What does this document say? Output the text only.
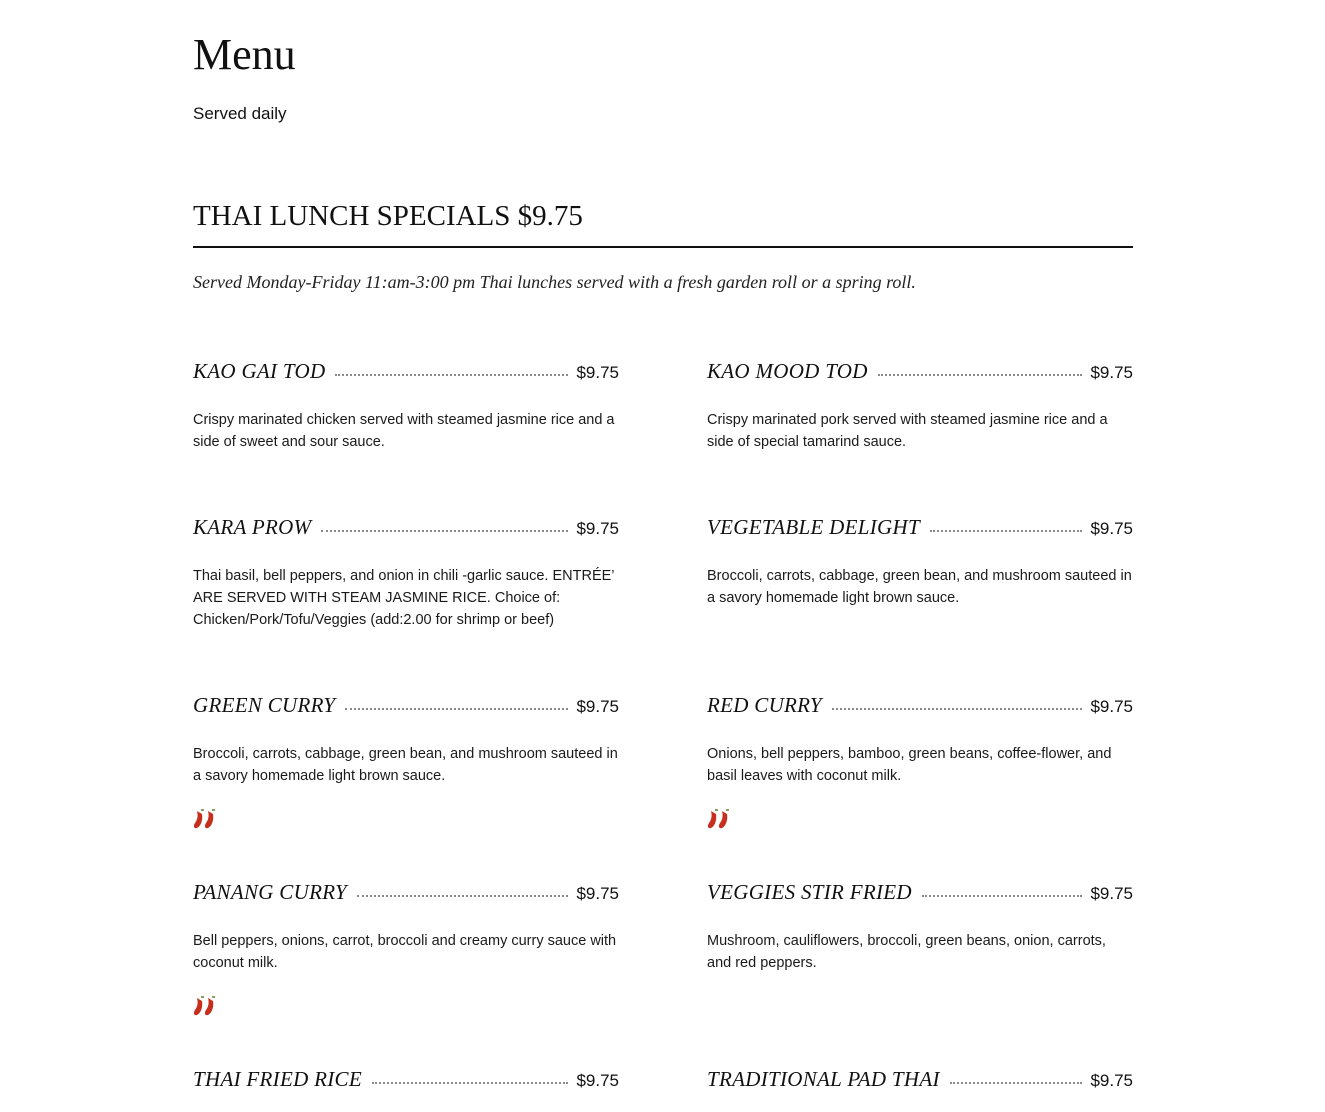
Menu
Served daily
THAI LUNCH SPECIALS $9.75
Served Monday-Friday 11:am-3:00 pm Thai lunches served with a fresh garden roll or a spring roll.
KAO GAI TOD	$9.75
Crispy marinated chicken served with steamed jasmine rice and a side of sweet and sour sauce.
KAO MOOD TOD	$9.75
Crispy marinated pork served with steamed jasmine rice and a side of special tamarind sauce.
KARA PROW	$9.75
Thai basil, bell peppers, and onion in chili -garlic sauce. ENTRÉE’ ARE SERVED WITH STEAM JASMINE RICE. Choice of: Chicken/Pork/Tofu/Veggies (add:2.00 for shrimp or beef)
VEGETABLE DELIGHT	$9.75
Broccoli, carrots, cabbage, green bean, and mushroom sauteed in a savory homemade light brown sauce.
GREEN CURRY	$9.75
Broccoli, carrots, cabbage, green bean, and mushroom sauteed in a savory homemade light brown sauce.
RED CURRY	$9.75
Onions, bell peppers, bamboo, green beans, coffee-flower, and basil leaves with coconut milk.
PANANG CURRY	$9.75
Bell peppers, onions, carrot, broccoli and creamy curry sauce with coconut milk.
VEGGIES STIR FRIED	$9.75
Mushroom, cauliflowers, broccoli, green beans, onion, carrots, and red peppers.
THAI FRIED RICE	$9.75	TRADITIONAL PAD THAI	$9.75
